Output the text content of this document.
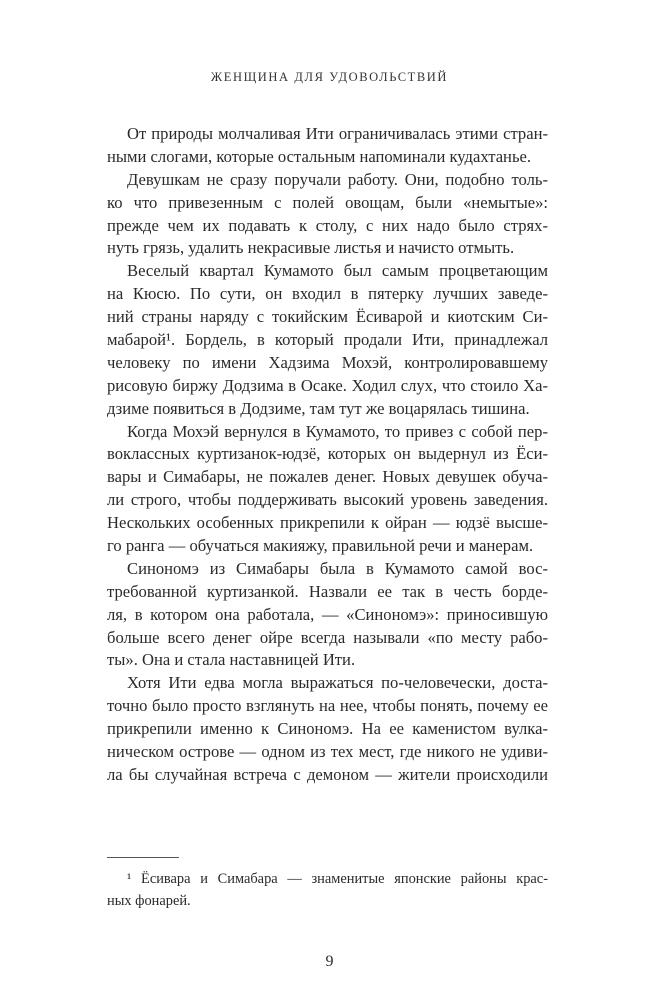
ЖЕНЩИНА ДЛЯ УДОВОЛЬСТВИЙ
От природы молчаливая Ити ограничивалась этими стран-
ными слогами, которые остальным напоминали кудахтанье.
Девушкам не сразу поручали работу. Они, подобно толь-
ко что привезенным с полей овощам, были «немытые»:
прежде чем их подавать к столу, с них надо было стрях-
нуть грязь, удалить некрасивые листья и начисто отмыть.
Веселый квартал Кумамото был самым процветающим
на Кюсю. По сути, он входил в пятерку лучших заведе-
ний страны наряду с токийским Ёсиварой и киотским Си-
мабарой¹. Бордель, в который продали Ити, принадлежал
человеку по имени Хадзима Мохэй, контролировавшему
рисовую биржу Додзима в Осаке. Ходил слух, что стоило Ха-
дзиме появиться в Додзиме, там тут же воцарялась тишина.
Когда Мохэй вернулся в Кумамото, то привез с собой пер-
воклассных куртизанок-юдзё, которых он выдернул из Ёси-
вары и Симабары, не пожалев денег. Новых девушек обуча-
ли строго, чтобы поддерживать высокий уровень заведения.
Нескольких особенных прикрепили к ойран — юдзё высше-
го ранга — обучаться макияжу, правильной речи и манерам.
Синономэ из Симабары была в Кумамото самой вос-
требованной куртизанкой. Назвали ее так в честь борде-
ля, в котором она работала, — «Синономэ»: приносившую
больше всего денег ойре всегда называли «по месту рабо-
ты». Она и стала наставницей Ити.
Хотя Ити едва могла выражаться по-человечески, доста-
точно было просто взглянуть на нее, чтобы понять, почему ее
прикрепили именно к Синономэ. На ее каменистом вулка-
ническом острове — одном из тех мест, где никого не удиви-
ла бы случайная встреча с демоном — жители происходили
¹ Ёсивара и Симабара — знаменитые японские районы крас-
ных фонарей.
9
